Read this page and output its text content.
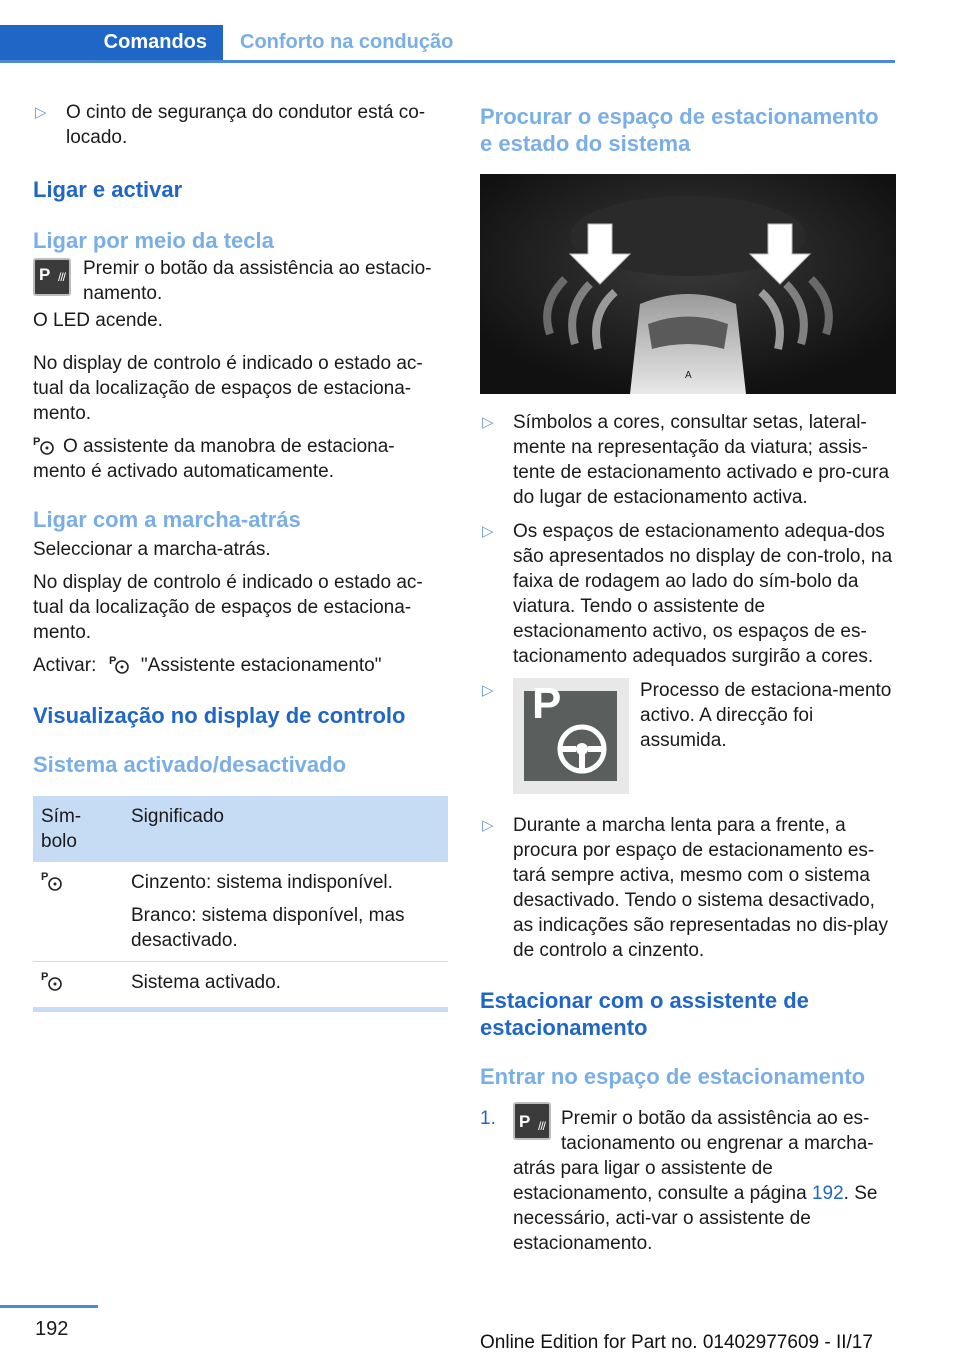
Comandos	Conforto na condução
▷ O cinto de segurança do condutor está co-locado.
Ligar e activar
Ligar por meio da tecla
P /// Premir o botão da assistência ao estacio-namento.

O LED acende.

No display de controlo é indicado o estado ac-tual da localização de espaços de estaciona-mento.

P	O assistente da manobra de estaciona-mento é activado automaticamente.

Ligar com a marcha-atrás

Seleccionar a marcha-atrás.

No display de controlo é indicado o estado ac-tual da localização de espaços de estaciona-mento.

Activar: P "Assistente estacionamento"

Visualização no display de controlo
Sistema activado/desactivado
Sím-bolo	Significado

P	Cinzento: sistema indisponível.
Branco: sistema disponível, mas desactivado.

P	Sistema activado.
Procurar o espaço de estacionamento e estado do sistema
A
▷ Símbolos a cores, consultar setas, lateral-mente na representação da viatura; assis-tente de estacionamento activado e pro-cura do lugar de estacionamento activa.
▷ Os espaços de estacionamento adequa-dos são apresentados no display de con-trolo, na faixa de rodagem ao lado do sím-bolo da viatura. Tendo o assistente de estacionamento activo, os espaços de es-tacionamento adequados surgirão a cores.
▷ P	Processo de estaciona-mento activo. A direcção foi assumida.

▷ Durante a marcha lenta para a frente, a procura por espaço de estacionamento es-tará sempre activa, mesmo com o sistema desactivado. Tendo o sistema desactivado, as indicações são representadas no dis-play de controlo a cinzento.
Estacionar com o assistente de estacionamento
Entrar no espaço de estacionamento
1. P /// Premir o botão da assistência ao es-tacionamento ou engrenar a marcha-atrás para ligar o assistente de estacionamento, consulte a página 192. Se necessário, acti-var o assistente de estacionamento.
192
Online Edition for Part no. 01402977609 - II/17
